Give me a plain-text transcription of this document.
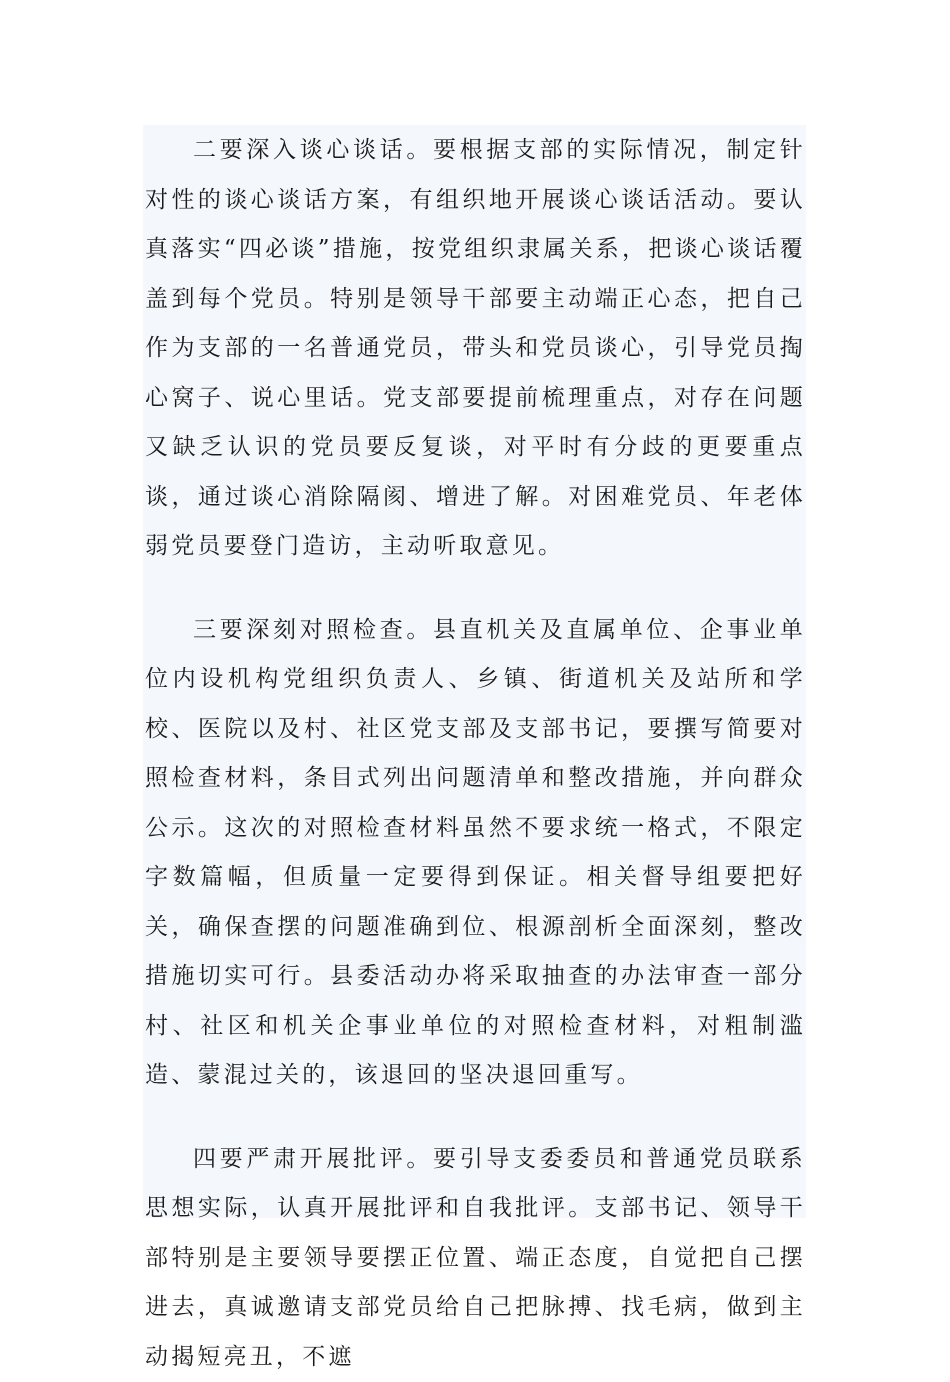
二要深入谈心谈话。要根据支部的实际情况，制定针对性的谈心谈话方案，有组织地开展谈心谈话活动。要认真落实“四必谈”措施，按党组织隶属关系，把谈心谈话覆盖到每个党员。特别是领导干部要主动端正心态，把自己作为支部的一名普通党员，带头和党员谈心，引导党员掏心窝子、说心里话。党支部要提前梳理重点，对存在问题又缺乏认识的党员要反复谈，对平时有分歧的更要重点谈，通过谈心消除隔阂、增进了解。对困难党员、年老体弱党员要登门造访，主动听取意见。

三要深刻对照检查。县直机关及直属单位、企事业单位内设机构党组织负责人、乡镇、街道机关及站所和学校、医院以及村、社区党支部及支部书记，要撰写简要对照检查材料，条目式列出问题清单和整改措施，并向群众公示。这次的对照检查材料虽然不要求统一格式，不限定字数篇幅，但质量一定要得到保证。相关督导组要把好关，确保查摆的问题准确到位、根源剖析全面深刻，整改措施切实可行。县委活动办将采取抽查的办法审查一部分村、社区和机关企事业单位的对照检查材料，对粗制滥造、蒙混过关的，该退回的坚决退回重写。

四要严肃开展批评。要引导支委委员和普通党员联系思想实际，认真开展批评和自我批评。支部书记、领导干部特别是主要领导要摆正位置、端正态度，自觉把自己摆进去，真诚邀请支部党员给自己把脉搏、找毛病，做到主动揭短亮丑，不遮
